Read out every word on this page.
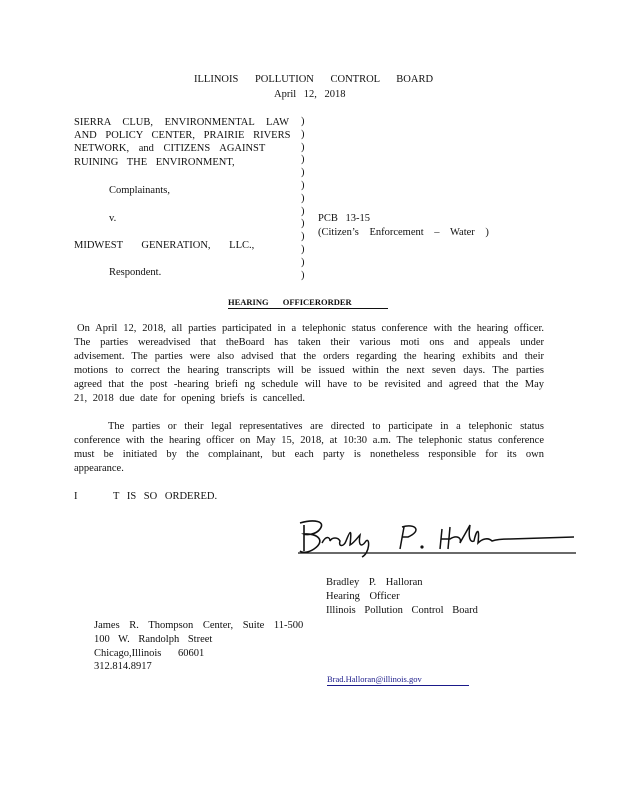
ILLINOIS POLLUTION CONTROL BOARD
April 12, 2018
SIERRA CLUB, ENVIRONMENTAL LAW
AND POLICY CENTER, PRAIRIE RIVERS
NETWORK, and CITIZENS AGAINST
RUINING THE ENVIRONMENT,
Complainants,
v.
MIDWEST GENERATION, LLC.,
Respondent.
)
)
)
)
)
)
)
)
)
)
)
)
)
PCB 13-15
(Citizen’s Enforcement – Water )
HEARING OFFICERORDER
On April 12, 2018, all parties participated in a telephonic status conference with the hearing officer. The parties wereadvised that theBoard has taken their various moti ons and appeals under advisement. The parties were also advised that the orders regarding the hearing exhibits and their motions to correct the hearing transcripts will be issued within the next seven days. The parties agreed that the post -hearing briefi ng schedule will have to be revisited and agreed that the May 21, 2018 due date for opening briefs is cancelled.
The parties or their legal representatives are directed to participate in a telephonic status conference with the hearing officer on May 15, 2018, at 10:30 a.m. The telephonic status conference must be initiated by the complainant, but each party is nonetheless responsible for its own appearance.
I	T IS SO ORDERED.
Bradley P. Halloran
Hearing Officer
Illinois Pollution Control Board
James R. Thompson Center, Suite 11-500
100 W. Randolph Street
Chicago,Illinois 60601
312.814.8917
Brad.Halloran@illinois.gov
